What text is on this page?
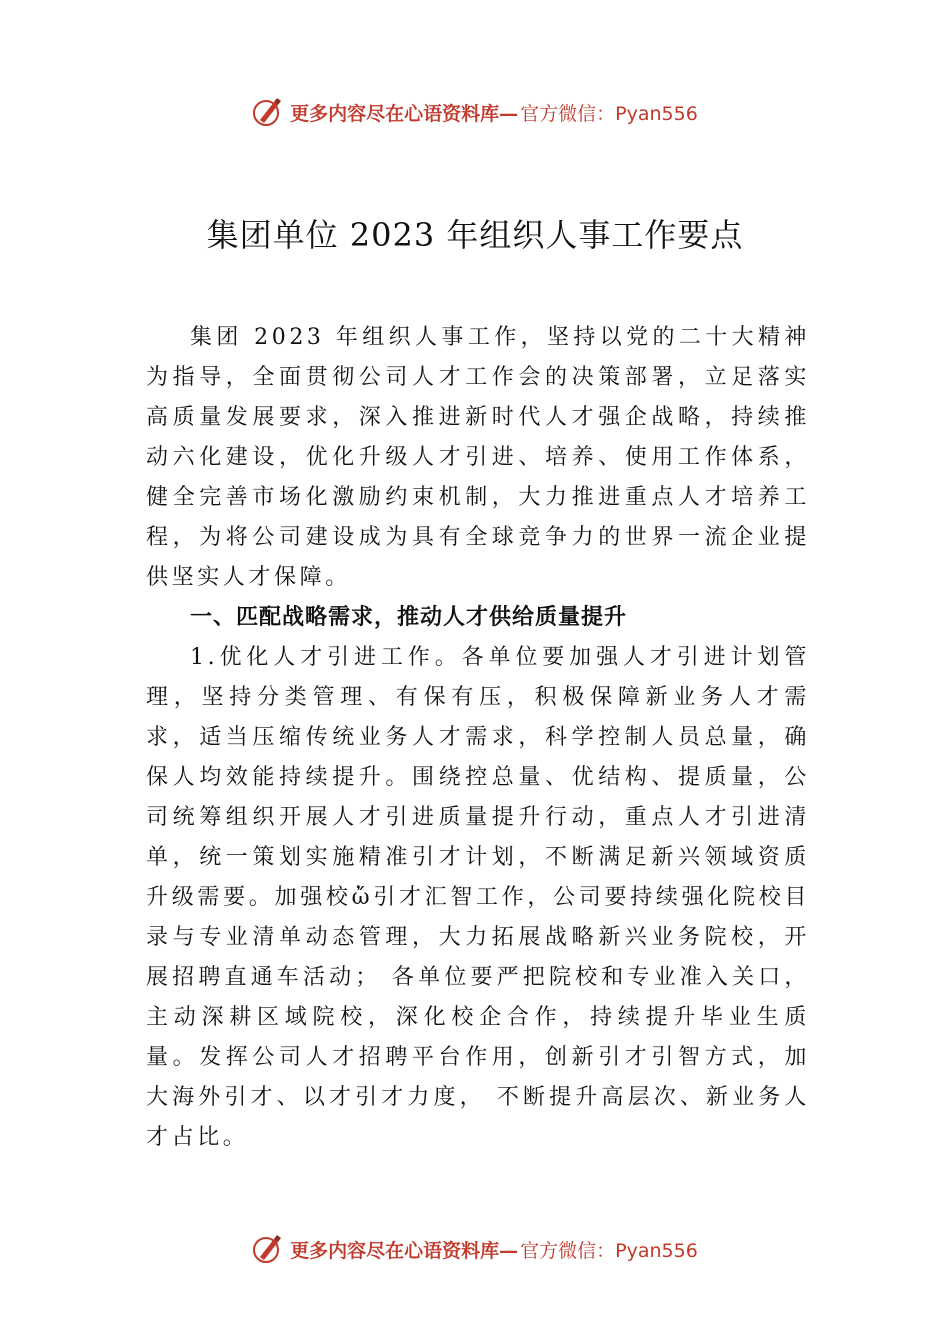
更多内容尽在心语资料库— 官方微信：Pyan556
集团单位 2023 年组织人事工作要点

集团 2023 年组织人事工作，坚持以党的二十大精神为指导，全面贯彻公司人才工作会的决策部署，立足落实高质量发展要求，深入推进新时代人才强企战略，持续推动六化建设，优化升级人才引进、培养、使用工作体系，健全完善市场化激励约束机制，大力推进重点人才培养工程，为将公司建设成为具有全球竞争力的世界一流企业提供坚实人才保障。

一、匹配战略需求，推动人才供给质量提升

1.优化人才引进工作。各单位要加强人才引进计划管理，坚持分类管理、有保有压，积极保障新业务人才需求，适当压缩传统业务人才需求，科学控制人员总量，确保人均效能持续提升。围绕控总量、优结构、提质量，公司统筹组织开展人才引进质量提升行动，重点人才引进清单，统一策划实施精准引才计划，不断满足新兴领域资质升级需要。加强校ὤ引才汇智工作，公司要持续强化院校目录与专业清单动态管理，大力拓展战略新兴业务院校，开展招聘直通车活动； 各单位要严把院校和专业准入关口，主动深耕区域院校，深化校企合作，持续提升毕业生质量。发挥公司人才招聘平台作用，创新引才引智方式，加大海外引才、以才引才力度， 不断提升高层次、新业务人才占比。

更多内容尽在心语资料库— 官方微信：Pyan556
